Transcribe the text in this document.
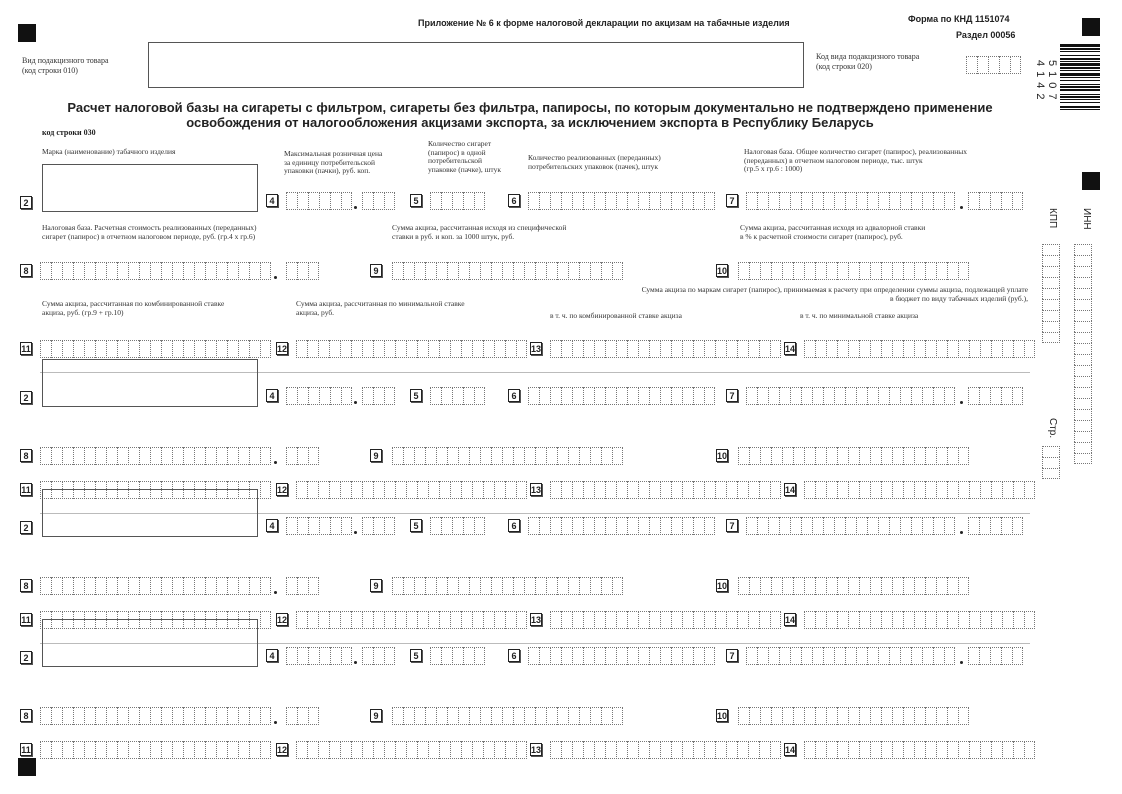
Приложение № 6 к форме налоговой декларации по акцизам на табачные изделия	Форма по КНД 1151074
Раздел 00056
Вид подакцизного товара
(код строки 010)
Код вида подакцизного товара
(код строки 020)
Расчет налоговой базы на сигареты с фильтром, сигареты без фильтра, папиросы, по которым документально не подтверждено применение
освобождения от налогообложения акцизами экспорта, за исключением экспорта в Республику Беларусь
код строки 030
Марка (наименование) табачного изделия	Максимальная розничная цена
за единицу потребительской
упаковки (пачки), руб. коп.
Количество сигарет
(папирос) в одной
потребительской
упаковке (пачке), штук
Количество реализованных (переданных)
потребительских упаковок (пачек), штук
Налоговая база. Общее количество сигарет (папирос), реализованных
(переданных) в отчетном налоговом периоде, тыс. штук
(гр.5 х гр.6 : 1000)
Налоговая база. Расчетная стоимость реализованных (переданных)
сигарет (папирос) в отчетном налоговом периоде, руб. (гр.4 х гр.6)
Сумма акциза, рассчитанная исходя из специфической
ставки в руб. и коп. за 1000 штук, руб.
Сумма акциза, рассчитанная исходя из адвалорной ставки
в % к расчетной стоимости сигарет (папирос), руб.
Сумма акциза, рассчитанная по комбинированной ставке
акциза, руб. (гр.9 + гр.10)
Сумма акциза, рассчитанная по минимальной ставке
акциза, руб.
Сумма акциза по маркам сигарет (папирос), принимаемая к расчету при определении суммы акциза, подлежащей уплате
в бюджет по виду табачных изделий (руб.),
в т. ч. по комбинированной ставке акциза	в т. ч. по минимальной ставке акциза
2	4	5	6	7
8	9	10
11	12	13	14
2	4	5	6	7
8	9	10
11	12	13	14
2	4	5	6	7
8	9	10
11	12	13	14
2	4	5	6	7
8	9	10
11	12	13	14
5107 4142
ИНН
КПП
Стр.
